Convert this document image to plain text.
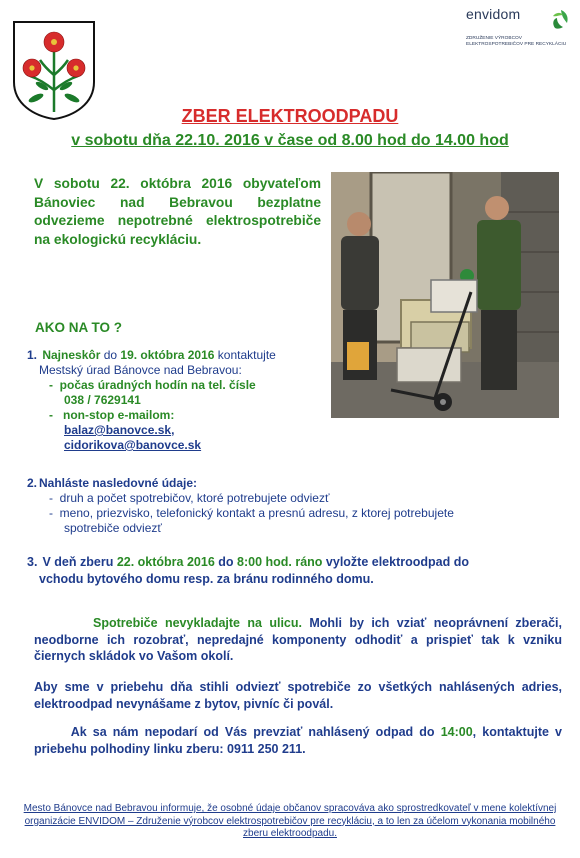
envidom
ZDRUŽENIE VÝROBCOV
ELEKTROSPOTREBIČOV PRE RECYKLÁCIU
ZBER ELEKTROODPADU
v sobotu dňa 22.10. 2016 v čase od 8.00 hod do 14.00 hod
V sobotu 22. októbra 2016 obyvateľom Bánoviec nad Bebravou bezplatne odvezieme nepotrebné elektrospotrebiče na ekologickú recykláciu.
AKO NA TO ?
1. Najneskôr do 19. októbra 2016 kontaktujte
Mestský úrad Bánovce nad Bebravou:
-  počas úradných hodín na tel. čísle
038 / 7629141
-   non-stop e-mailom:
balaz@banovce.sk,
cidorikova@banovce.sk
2. Nahláste nasledovné údaje:
-  druh a počet spotrebičov, ktoré potrebujete odviezť
-  meno, priezvisko, telefonický kontakt a presnú adresu, z ktorej potrebujete
spotrebiče odviezť
3. V deň zberu 22. októbra 2016 do 8:00 hod. ráno vyložte elektroodpad do
vchodu bytového domu resp. za bránu rodinného domu.
Spotrebiče nevykladajte na ulicu. Mohli by ich vziať neoprávnení zberači, neodborne ich rozobrať, nepredajné komponenty odhodiť a prispieť tak k vzniku čiernych skládok vo Vašom okolí.
Aby sme v priebehu dňa stihli odviezť spotrebiče zo všetkých nahlásených adries, elektroodpad nevynášame z bytov, pivníc či povál.
Ak sa nám nepodarí od Vás prevziať nahlásený odpad do 14:00, kontaktujte v priebehu polhodiny linku zberu: 0911 250 211.
Mesto Bánovce nad Bebravou informuje, že osobné údaje občanov spracováva ako sprostredkovateľ v mene kolektívnej organizácie ENVIDOM – Združenie výrobcov elektrospotrebičov pre recykláciu, a to len za účelom vykonania mobilného zberu elektroodpadu.
